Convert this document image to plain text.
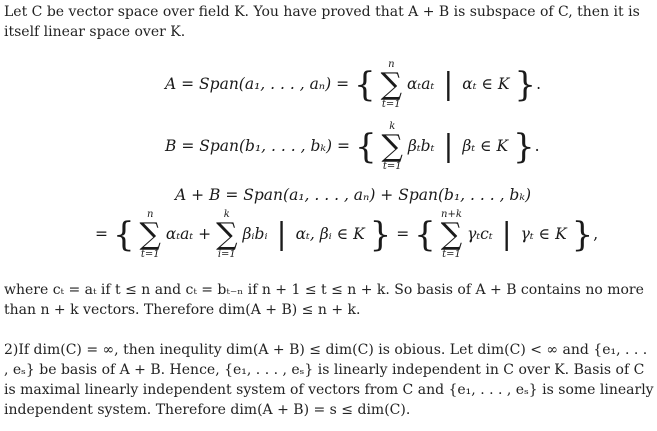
Let C be vector space over field K. You have proved that A + B is subspace of C, then it is itself linear space over K.

A = Span(a₁, . . . , aₙ) = {
n
∑
t=1
αₜaₜ | αₜ ∈ K }.
B = Span(b₁, . . . , bₖ) = {
k
∑
t=1
βₜbₜ | βₜ ∈ K }.
A + B = Span(a₁, . . . , aₙ) + Span(b₁, . . . , bₖ)
= {
n
∑
t=1
αₜaₜ +
k
∑
i=1
βᵢbᵢ | αₜ, βᵢ ∈ K } = {
n+k
∑
t=1
γₜcₜ | γₜ ∈ K },

where cₜ = aₜ if t ≤ n and cₜ = bₜ₋ₙ if n + 1 ≤ t ≤ n + k. So basis of A + B contains no more than n + k vectors. Therefore dim(A + B) ≤ n + k.

2)If dim(C) = ∞, then inequlity dim(A + B) ≤ dim(C) is obious. Let dim(C) < ∞ and {e₁, . . . , eₛ} be basis of A + B. Hence, {e₁, . . . , eₛ} is linearly independent in C over K. Basis of C is maximal linearly independent system of vectors from C and {e₁, . . . , eₛ} is some linearly independent system. Therefore dim(A + B) = s ≤ dim(C).
